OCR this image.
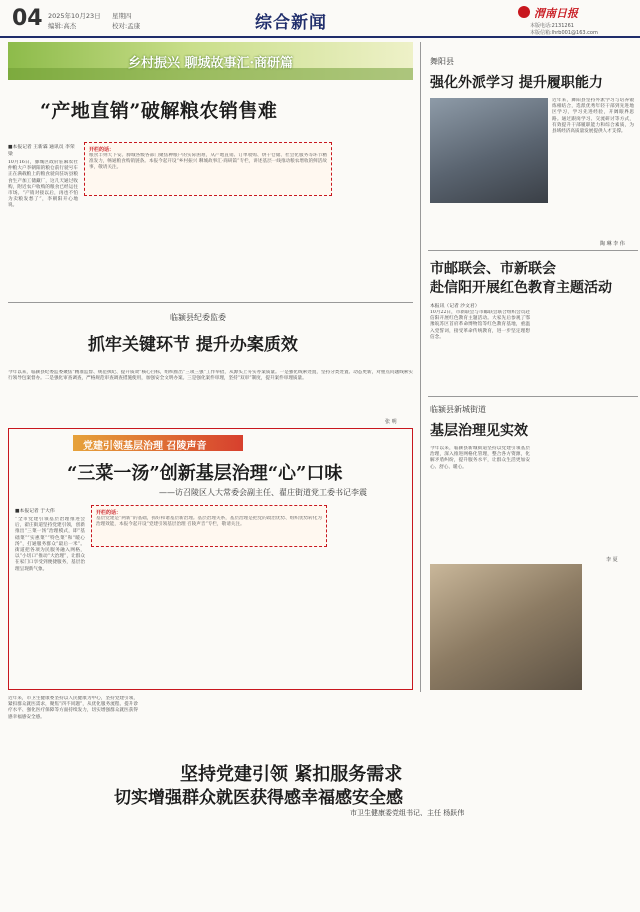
04 2025年10月23日 星期四
编辑:高杰	校对:孟康	综合新闻	渭南日报
本版电话:2131261
本版信箱:lhrb001@163.com
乡村振兴 聊城故事汇·商研篇
“产地直销”破解粮农销售难
■本报记者 王新霖 通讯员 李荣梁
10月16日，滕城区政府驻麻农社仲粮大户李朝阳的粮仓前行驶号车正在满载粮上的粮食驶向驻坊县粮食生产加工储藏厂，这几天通过收购，附近农户收购的粮食已经运往市场。“产销对接以后，再也不怕为卖粮发愁了”，李朝阳开心地说。
开栏的话：
粮食丰则天下安。滕城各级各部门聚焦种粮户的实际困难，从产地直销、订单收购、烘干仓储、社会化服务等环节精准发力，畅通粮食购销链条。本报今起开设“乡村振兴 聊城故事汇·商研篇”专栏，讲述基层一线推动粮农增收的鲜活故事，敬请关注。
临颍县纪委监委
抓牢关键环节 提升办案质效
今年以来，临颍县纪委监委聚焦“精准监督、规范执纪、提升质效”核心目标，组织推出“三项三强”工作举措，从源头上夯实办案质量。一是强化线索处置，坚持分类处置、动态更新，对重点问题线索实行领导包案督办。二是强化审查调查，严格规范审查调查措施使用，加强安全文明办案。三是强化案件审理，坚持“双审”制度，提升案件审理质量。
张 明
党建引领基层治理 召陵声音
“三菜一汤”创新基层治理“心”口味
——访召陵区人大常委会副主任、翟庄街道党工委书记李震
■本报记者 于大伟
“全市党建引领基层治理推进会后，翟庄街道坚持党建引领，创新推出“三菜一汤”治理模式，即“基础菜”“实惠菜”“特色菜”和“暖心汤”，打通服务群众“最后一米”。街道把各项为民服务融入网格，以“小切口”推动“大治理”，让群众在家门口享受到便捷服务，基层治理呈现新气象。
开栏的话：
基层党建是“两新”的基础，抓好和谐基层新治理。基层治理关系，基层治理是把党的政治优势、组织优势转化为治理效能，本报今起开设“党建引领基层治理 召陵声音”专栏，敬请关注。
近年来，市卫生健康委坚持以人民健康为中心，坚持党建引领，紧扣群众就医需求，聚焦“四不同题”，从优化服务流程、提升诊疗水平、强化医疗保障等方面持续发力，切实增强群众就医获得感幸福感安全感。
坚持党建引领 紧扣服务需求
切实增强群众就医获得感幸福感安全感
市卫生健康委党组书记、主任 杨跃伟
舞阳县
强化外派学习 提升履职能力
近年来，舞阳县坚持外派学习与培养锻炼相结合，选派优秀年轻干部到先进地区学习，学习先进经验，开阔眼界思路。通过跟岗学习、交流研讨等方式，有效提升干部履职能力和综合素质，为县域经济高质量发展提供人才支撑。
陶 琳 李 伟
市邮联会、市新联会
赴信阳开展红色教育主题活动
本报讯（记者 沙文君）
10月22日，市新联会与市邮联会联合组织会员赴信阳开展红色教育主题活动。大家先后参观了鄂豫皖苏区首府革命博物馆等红色教育基地，重温入党誓词，接受革命传统教育，进一步坚定理想信念。
临颍县新城街道
基层治理见实效
今年以来，临颍县新城街道坚持以党建引领基层治理，深入推进网格化管理，整合各方资源，化解矛盾纠纷，提升服务水平，让群众生活更加安心、舒心、暖心。
李 夏
